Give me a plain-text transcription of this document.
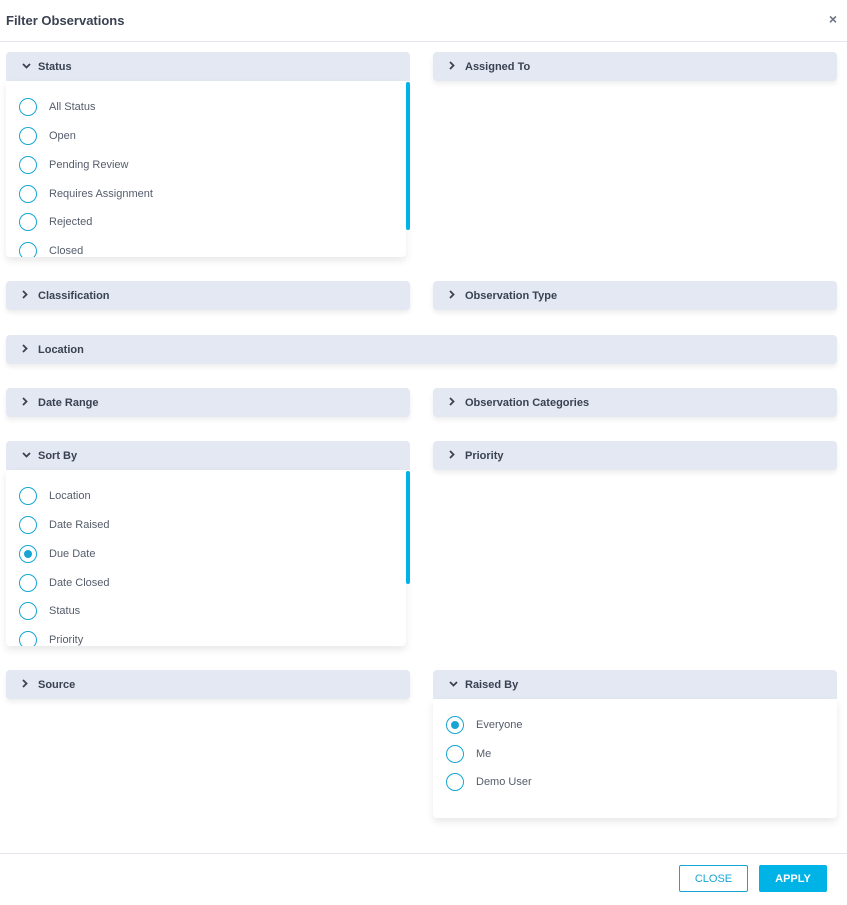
Filter Observations	×
Status
All Status
Open
Pending Review
Requires Assignment
Rejected
Closed
Assigned To
Classification	Observation Type
Location
Date Range	Observation Categories
Sort By
Location
Date Raised
Due Date
Date Closed
Status
Priority
Priority
Source	Raised By
Everyone
Me
Demo User
CLOSE	APPLY
